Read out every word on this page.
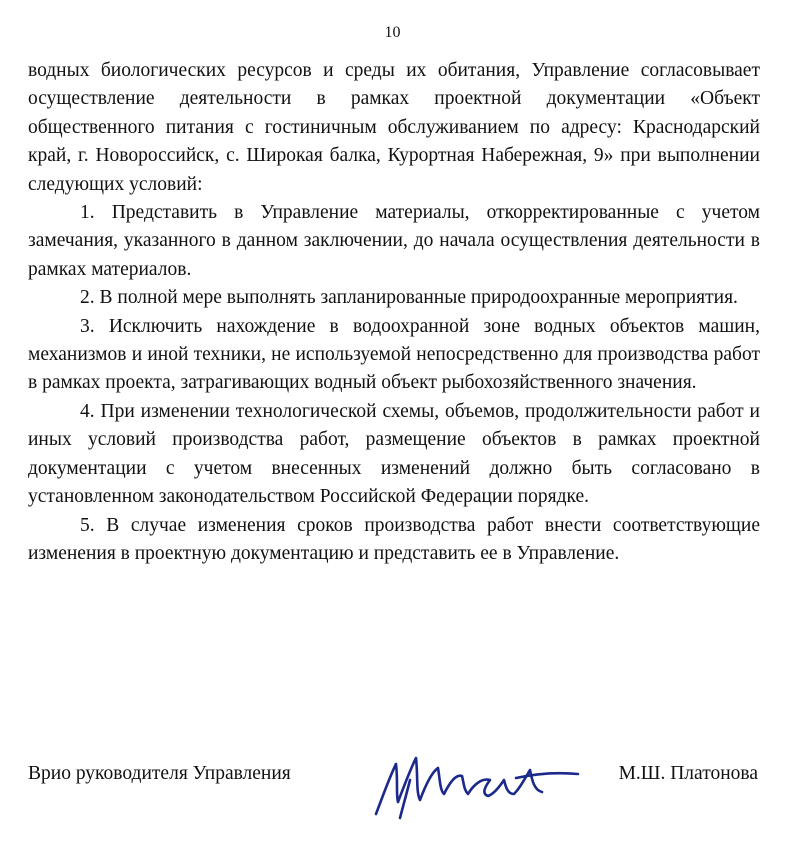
10

водных биологических ресурсов и среды их обитания, Управление согласовывает осуществление деятельности в рамках проектной документации «Объект общественного питания с гостиничным обслуживанием по адресу: Краснодарский край, г. Новороссийск, с. Широкая балка, Курортная Набережная, 9» при выполнении следующих условий:

1. Представить в Управление материалы, откорректированные с учетом замечания, указанного в данном заключении, до начала осуществления деятельности в рамках материалов.

2. В полной мере выполнять запланированные природоохранные мероприятия.

3. Исключить нахождение в водоохранной зоне водных объектов машин, механизмов и иной техники, не используемой непосредственно для производства работ в рамках проекта, затрагивающих водный объект рыбохозяйственного значения.

4. При изменении технологической схемы, объемов, продолжительности работ и иных условий производства работ, размещение объектов в рамках проектной документации с учетом внесенных изменений должно быть согласовано в установленном законодательством Российской Федерации порядке.

5. В случае изменения сроков производства работ внести соответствующие изменения в проектную документацию и представить ее в Управление.

Врио руководителя Управления	М.Ш. Платонова
